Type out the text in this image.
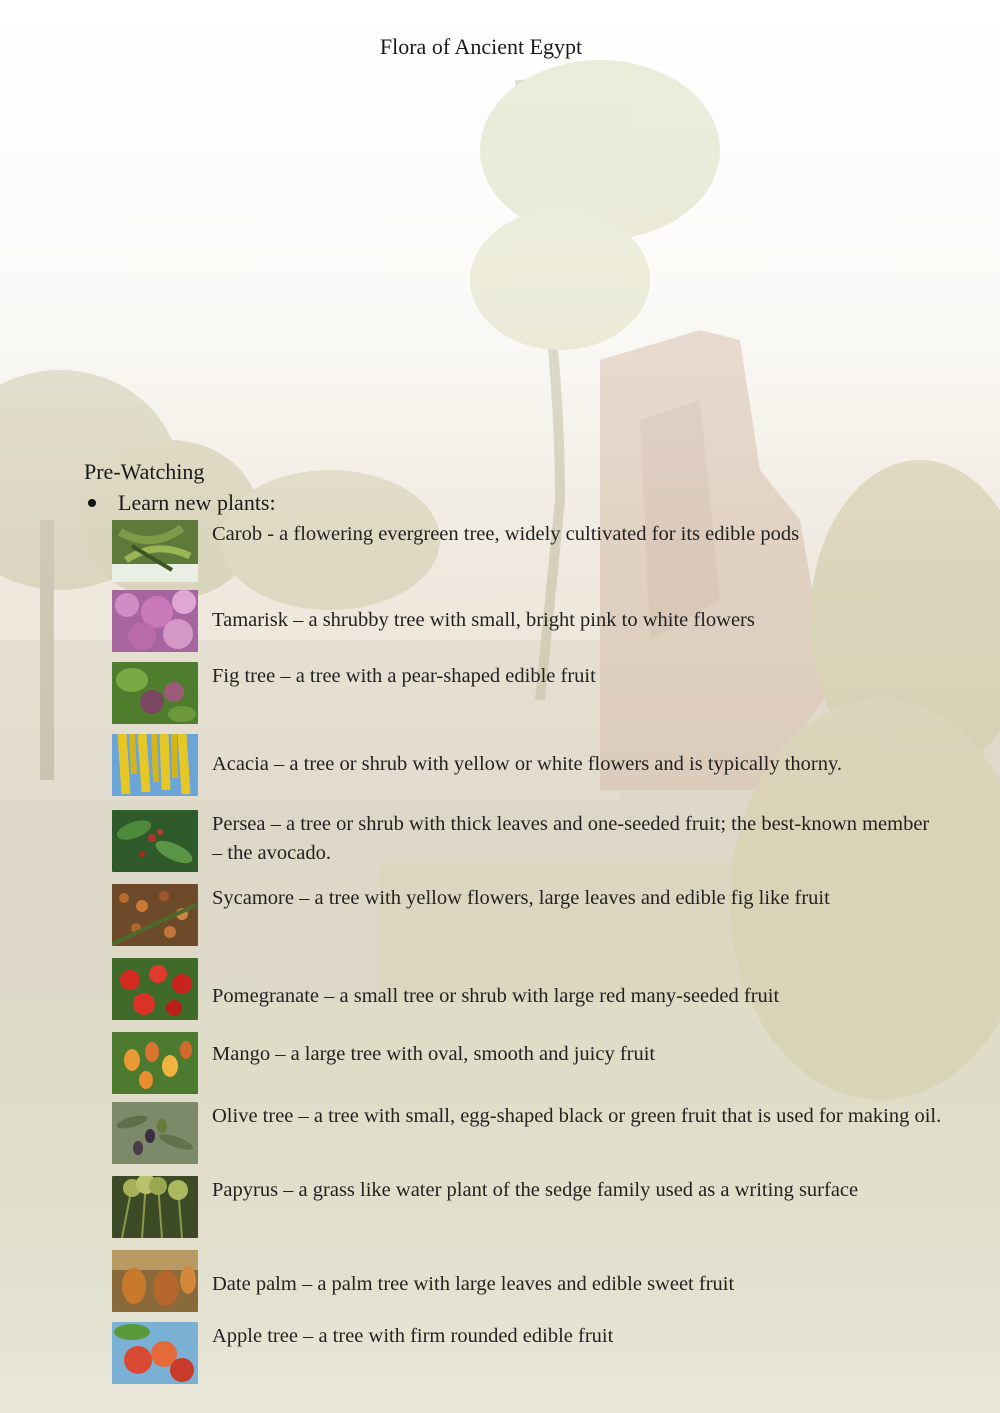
Flora of Ancient Egypt
Pre-Watching
Learn new plants:
Carob - a flowering evergreen tree, widely cultivated for its edible pods
Tamarisk – a shrubby tree with small, bright pink to white flowers
Fig tree – a tree with a pear-shaped edible fruit
Acacia – a tree or shrub with yellow or white flowers and is typically thorny.
Persea – a tree or shrub with thick leaves and one-seeded fruit; the best-known member – the avocado.
Sycamore – a tree with yellow flowers, large leaves and edible fig like fruit
Pomegranate – a small tree or shrub with large red many-seeded fruit
Mango – a large tree with oval, smooth and juicy fruit
Olive tree – a tree with small, egg-shaped black or green fruit that is used for making oil.
Papyrus – a grass like water plant of the sedge family used as a writing surface
Date palm – a palm tree with large leaves and edible sweet fruit
Apple tree – a tree with firm rounded edible fruit
